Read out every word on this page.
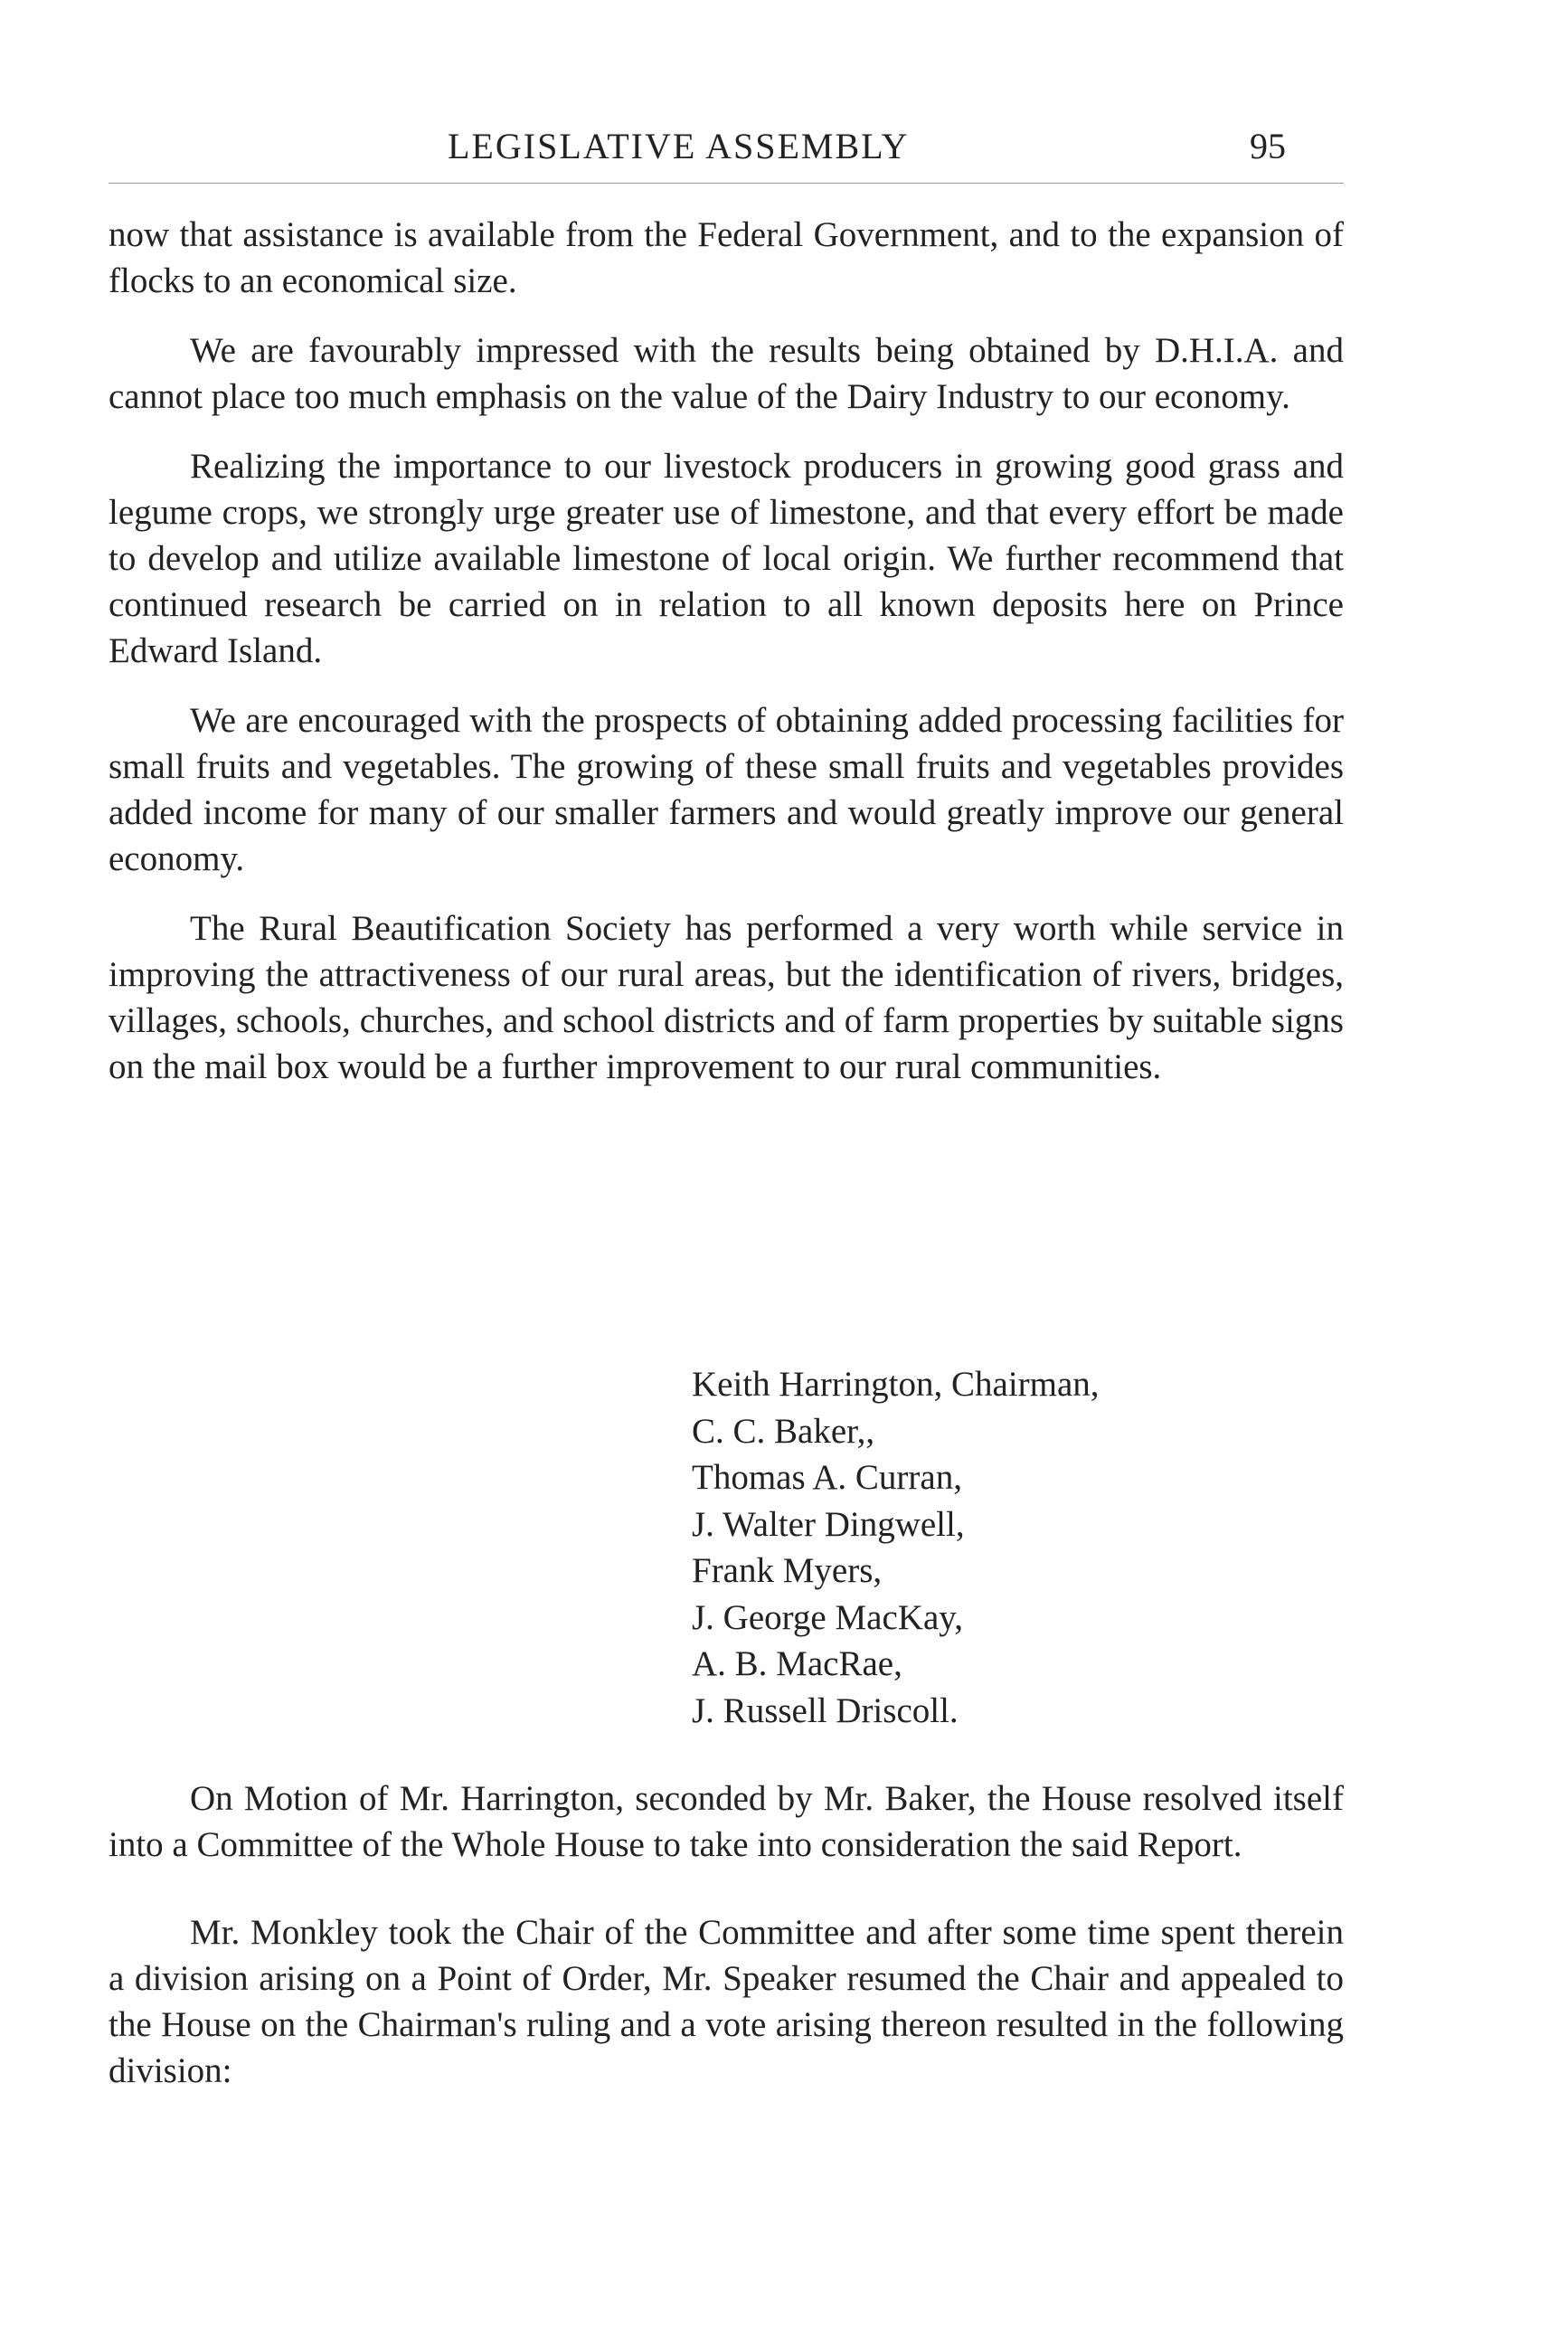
LEGISLATIVE ASSEMBLY	95

now that assistance is available from the Federal Government, and to the expansion of flocks to an economical size.

We are favourably impressed with the results being obtained by D.H.I.A. and cannot place too much emphasis on the value of the Dairy Industry to our economy.

Realizing the importance to our livestock producers in growing good grass and legume crops, we strongly urge greater use of limestone, and that every effort be made to develop and utilize available limestone of local origin. We further recommend that continued research be carried on in relation to all known deposits here on Prince Edward Island.

We are encouraged with the prospects of obtaining added processing facilities for small fruits and vegetables. The growing of these small fruits and vegetables provides added income for many of our smaller farmers and would greatly improve our general economy.

The Rural Beautification Society has performed a very worth while service in improving the attractiveness of our rural areas, but the identification of rivers, bridges, villages, schools, churches, and school districts and of farm properties by suitable signs on the mail box would be a further improvement to our rural communities.

Keith Harrington, Chairman,
C. C. Baker,,
Thomas A. Curran,
J. Walter Dingwell,
Frank Myers,
J. George MacKay,
A. B. MacRae,
J. Russell Driscoll.

On Motion of Mr. Harrington, seconded by Mr. Baker, the House resolved itself into a Committee of the Whole House to take into consideration the said Report.

Mr. Monkley took the Chair of the Committee and after some time spent therein a division arising on a Point of Order, Mr. Speaker resumed the Chair and appealed to the House on the Chairman's ruling and a vote arising thereon resulted in the following division:
